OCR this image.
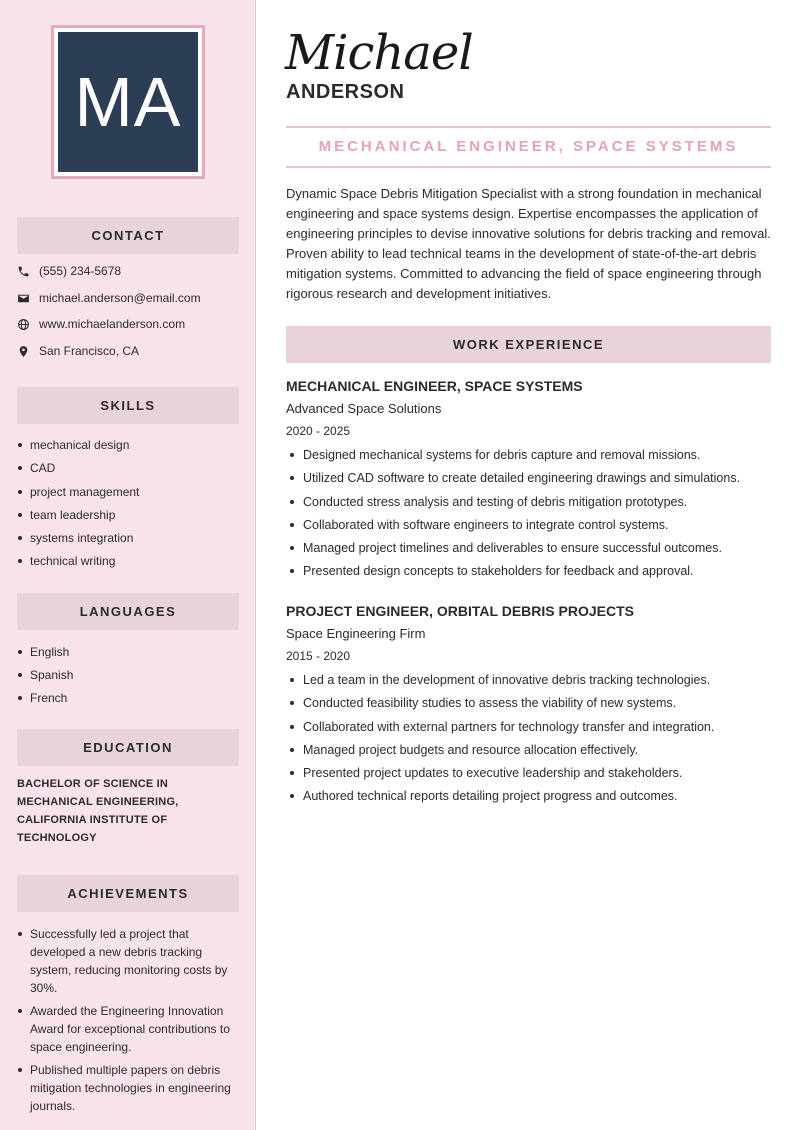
MA
CONTACT
(555) 234-5678
michael.anderson@email.com
www.michaelanderson.com
San Francisco, CA
SKILLS
mechanical design
CAD
project management
team leadership
systems integration
technical writing
LANGUAGES
English
Spanish
French
EDUCATION
BACHELOR OF SCIENCE IN MECHANICAL ENGINEERING, CALIFORNIA INSTITUTE OF TECHNOLOGY
ACHIEVEMENTS
Successfully led a project that developed a new debris tracking system, reducing monitoring costs by 30%.
Awarded the Engineering Innovation Award for exceptional contributions to space engineering.
Published multiple papers on debris mitigation technologies in engineering journals.
Michael
ANDERSON
MECHANICAL ENGINEER, SPACE SYSTEMS

Dynamic Space Debris Mitigation Specialist with a strong foundation in mechanical engineering and space systems design. Expertise encompasses the application of engineering principles to devise innovative solutions for debris tracking and removal. Proven ability to lead technical teams in the development of state-of-the-art debris mitigation systems. Committed to advancing the field of space engineering through rigorous research and development initiatives.

WORK EXPERIENCE
MECHANICAL ENGINEER, SPACE SYSTEMS
Advanced Space Solutions
2020 - 2025
Designed mechanical systems for debris capture and removal missions.
Utilized CAD software to create detailed engineering drawings and simulations.
Conducted stress analysis and testing of debris mitigation prototypes.
Collaborated with software engineers to integrate control systems.
Managed project timelines and deliverables to ensure successful outcomes.
Presented design concepts to stakeholders for feedback and approval.
PROJECT ENGINEER, ORBITAL DEBRIS PROJECTS
Space Engineering Firm
2015 - 2020
Led a team in the development of innovative debris tracking technologies.
Conducted feasibility studies to assess the viability of new systems.
Collaborated with external partners for technology transfer and integration.
Managed project budgets and resource allocation effectively.
Presented project updates to executive leadership and stakeholders.
Authored technical reports detailing project progress and outcomes.
